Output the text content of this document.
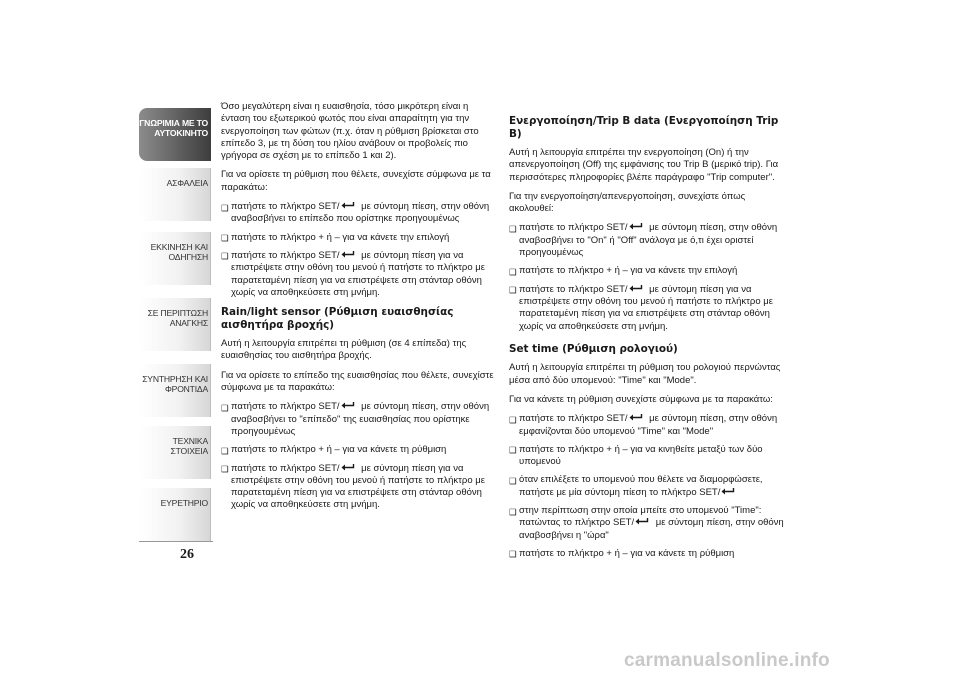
ΓΝΩΡΙΜΙΑ ΜΕ ΤΟ ΑΥΤΟΚΙΝΗΤΟ
ΑΣΦΑΛΕΙΑ
ΕΚΚΙΝΗΣΗ ΚΑΙ ΟΔΗΓΗΣΗ
ΣΕ ΠΕΡΙΠΤΩΣΗ ΑΝΑΓΚΗΣ
ΣΥΝΤΗΡΗΣΗ ΚΑΙ ΦΡΟΝΤΙΔΑ
ΤΕΧΝΙΚΑ ΣΤΟΙΧΕΙΑ
ΕΥΡΕΤΗΡΙΟ
26

Όσο μεγαλύτερη είναι η ευαισθησία, τόσο μικρότερη είναι η ένταση του εξωτερικού φωτός που είναι απαραίτητη για την ενεργοποίηση των φώτων (π.χ. όταν η ρύθμιση βρίσκεται στο επίπεδο 3, με τη δύση του ηλίου ανάβουν οι προβολείς πιο γρήγορα σε σχέση με το επίπεδο 1 και 2).

Για να ορίσετε τη ρύθμιση που θέλετε, συνεχίστε σύμφωνα με τα παρακάτω:

❑ πατήστε το πλήκτρο SET/ με σύντομη πίεση, στην οθόνη αναβοσβήνει το επίπεδο που ορίστηκε προηγουμένως
❑ πατήστε το πλήκτρο + ή – για να κάνετε την επιλογή
❑ πατήστε το πλήκτρο SET/ με σύντομη πίεση για να επιστρέψετε στην οθόνη του μενού ή πατήστε το πλήκτρο με παρατεταμένη πίεση για να επιστρέψετε στη στάνταρ οθόνη χωρίς να αποθηκεύσετε στη μνήμη.
Rain/light sensor (Ρύθμιση ευαισθησίας αισθητήρα βροχής)

Αυτή η λειτουργία επιτρέπει τη ρύθμιση (σε 4 επίπεδα) της ευαισθησίας του αισθητήρα βροχής.

Για να ορίσετε το επίπεδο της ευαισθησίας που θέλετε, συνεχίστε σύμφωνα με τα παρακάτω:

❑ πατήστε το πλήκτρο SET/ με σύντομη πίεση, στην οθόνη αναβοσβήνει το "επίπεδο" της ευαισθησίας που ορίστηκε προηγουμένως
❑ πατήστε το πλήκτρο + ή – για να κάνετε τη ρύθμιση
❑ πατήστε το πλήκτρο SET/ με σύντομη πίεση για να επιστρέψετε στην οθόνη του μενού ή πατήστε το πλήκτρο με παρατεταμένη πίεση για να επιστρέψετε στη στάνταρ οθόνη χωρίς να αποθηκεύσετε στη μνήμη.
Ενεργοποίηση/Trip B data (Ενεργοποίηση Trip B)

Αυτή η λειτουργία επιτρέπει την ενεργοποίηση (On) ή την απενεργοποίηση (Off) της εμφάνισης του Trip B (μερικό trip). Για περισσότερες πληροφορίες βλέπε παράγραφο "Trip computer".

Για την ενεργοποίηση/απενεργοποίηση, συνεχίστε όπως ακολουθεί:

❑ πατήστε το πλήκτρο SET/ με σύντομη πίεση, στην οθόνη αναβοσβήνει το "On" ή "Off" ανάλογα με ό,τι έχει οριστεί προηγουμένως
❑ πατήστε το πλήκτρο + ή – για να κάνετε την επιλογή
❑ πατήστε το πλήκτρο SET/ με σύντομη πίεση για να επιστρέψετε στην οθόνη του μενού ή πατήστε το πλήκτρο με παρατεταμένη πίεση για να επιστρέψετε στη στάνταρ οθόνη χωρίς να αποθηκεύσετε στη μνήμη.
Set time (Ρύθμιση ρολογιού)

Αυτή η λειτουργία επιτρέπει τη ρύθμιση του ρολογιού περνώντας μέσα από δύο υπομενού: "Time" και "Mode".

Για να κάνετε τη ρύθμιση συνεχίστε σύμφωνα με τα παρακάτω:

❑ πατήστε το πλήκτρο SET/ με σύντομη πίεση, στην οθόνη εμφανίζονται δύο υπομενού "Time" και "Mode"
❑ πατήστε το πλήκτρο + ή – για να κινηθείτε μεταξύ των δύο υπομενού
❑ όταν επιλέξετε το υπομενού που θέλετε να διαμορφώσετε, πατήστε με μία σύντομη πίεση το πλήκτρο SET/
❑ στην περίπτωση στην οποία μπείτε στο υπομενού "Time": πατώντας το πλήκτρο SET/ με σύντομη πίεση, στην οθόνη αναβοσβήνει η "ώρα"
❑ πατήστε το πλήκτρο + ή – για να κάνετε τη ρύθμιση
carmanualsonline.info
